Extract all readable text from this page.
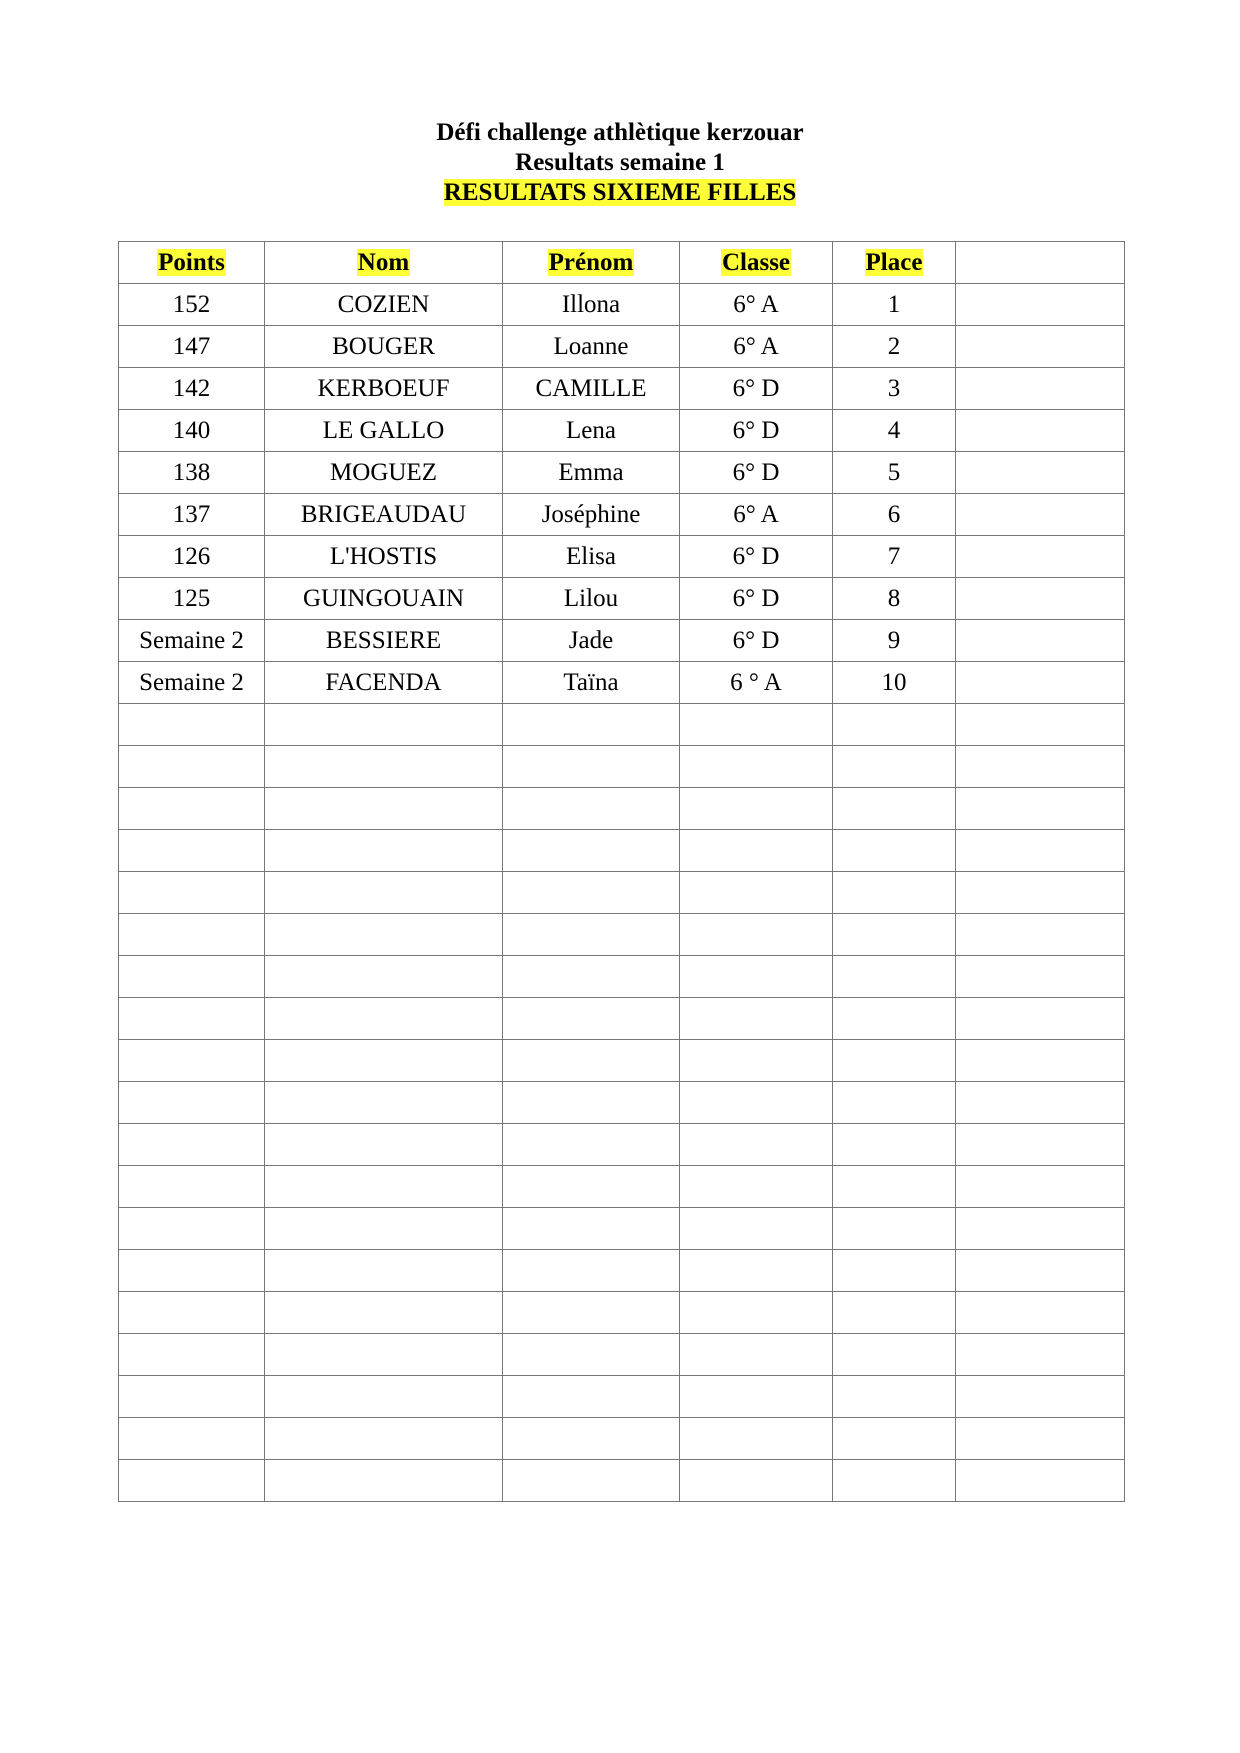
Défi challenge athlètique kerzouar
Resultats semaine 1
RESULTATS SIXIEME FILLES
Points	Nom	Prénom	Classe	Place	
152	COZIEN	Illona	6° A	1	
147	BOUGER	Loanne	6° A	2	
142	KERBOEUF	CAMILLE	6° D	3	
140	LE GALLO	Lena	6° D	4	
138	MOGUEZ	Emma	6° D	5	
137	BRIGEAUDAU	Joséphine	6° A	6	
126	L'HOSTIS	Elisa	6° D	7	
125	GUINGOUAIN	Lilou	6° D	8	
Semaine 2	BESSIERE	Jade	6° D	9	
Semaine 2	FACENDA	Taïna	6 ° A	10	
